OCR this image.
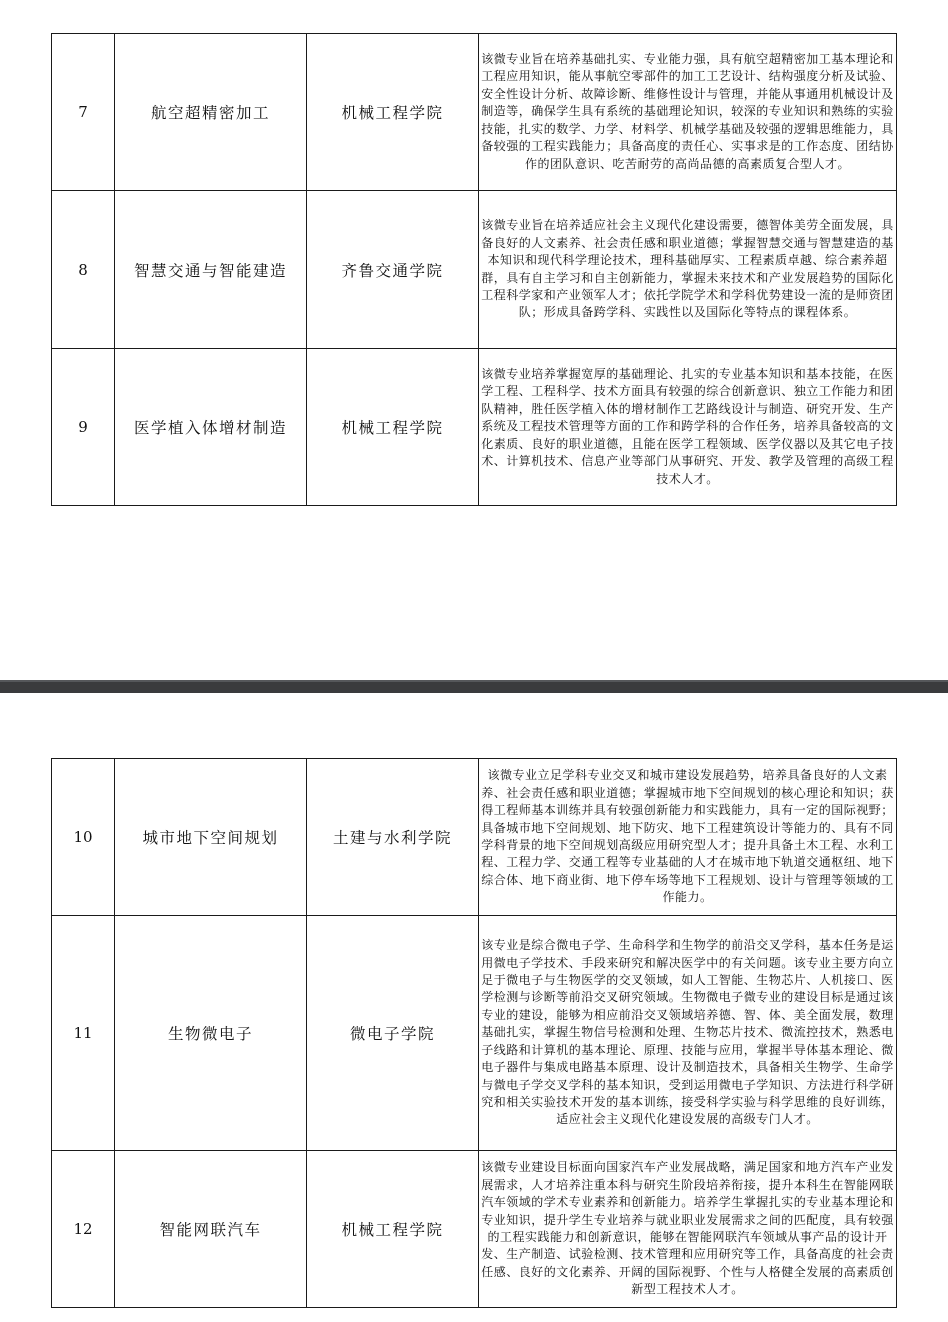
7	航空超精密加工	机械工程学院	该微专业旨在培养基础扎实、专业能力强，具有航空超精密加工基本理论和工程应用知识，能从事航空零部件的加工工艺设计、结构强度分析及试验、安全性设计分析、故障诊断、维修性设计与管理，并能从事通用机械设计及制造等，确保学生具有系统的基础理论知识，较深的专业知识和熟练的实验技能，扎实的数学、力学、材料学、机械学基础及较强的逻辑思维能力，具备较强的工程实践能力；具备高度的责任心、实事求是的工作态度、团结协作的团队意识、吃苦耐劳的高尚品德的高素质复合型人才。
8	智慧交通与智能建造	齐鲁交通学院	该微专业旨在培养适应社会主义现代化建设需要，德智体美劳全面发展，具备良好的人文素养、社会责任感和职业道德；掌握智慧交通与智慧建造的基本知识和现代科学理论技术，理科基础厚实、工程素质卓越、综合素养超群，具有自主学习和自主创新能力，掌握未来技术和产业发展趋势的国际化工程科学家和产业领军人才；依托学院学术和学科优势建设一流的是师资团队；形成具备跨学科、实践性以及国际化等特点的课程体系。
9	医学植入体增材制造	机械工程学院	该微专业培养掌握宽厚的基础理论、扎实的专业基本知识和基本技能，在医学工程、工程科学、技术方面具有较强的综合创新意识、独立工作能力和团队精神，胜任医学植入体的增材制作工艺路线设计与制造、研究开发、生产系统及工程技术管理等方面的工作和跨学科的合作任务，培养具备较高的文化素质、良好的职业道德，且能在医学工程领域、医学仪器以及其它电子技术、计算机技术、信息产业等部门从事研究、开发、教学及管理的高级工程技术人才。
10	城市地下空间规划	土建与水利学院	该微专业立足学科专业交叉和城市建设发展趋势，培养具备良好的人文素养、社会责任感和职业道德；掌握城市地下空间规划的核心理论和知识；获得工程师基本训练并具有较强创新能力和实践能力，具有一定的国际视野；具备城市地下空间规划、地下防灾、地下工程建筑设计等能力的、具有不同学科背景的地下空间规划高级应用研究型人才；提升具备土木工程、水利工程、工程力学、交通工程等专业基础的人才在城市地下轨道交通枢纽、地下综合体、地下商业街、地下停车场等地下工程规划、设计与管理等领域的工作能力。
11	生物微电子	微电子学院	该专业是综合微电子学、生命科学和生物学的前沿交叉学科，基本任务是运用微电子学技术、手段来研究和解决医学中的有关问题。该专业主要方向立足于微电子与生物医学的交叉领域，如人工智能、生物芯片、人机接口、医学检测与诊断等前沿交叉研究领域。生物微电子微专业的建设目标是通过该专业的建设，能够为相应前沿交叉领域培养德、智、体、美全面发展，数理基础扎实，掌握生物信号检测和处理、生物芯片技术、微流控技术，熟悉电子线路和计算机的基本理论、原理、技能与应用，掌握半导体基本理论、微电子器件与集成电路基本原理、设计及制造技术，具备相关生物学、生命学与微电子学交叉学科的基本知识，受到运用微电子学知识、方法进行科学研究和相关实验技术开发的基本训练，接受科学实验与科学思维的良好训练，适应社会主义现代化建设发展的高级专门人才。
12	智能网联汽车	机械工程学院	该微专业建设目标面向国家汽车产业发展战略，满足国家和地方汽车产业发展需求，人才培养注重本科与研究生阶段培养衔接，提升本科生在智能网联汽车领域的学术专业素养和创新能力。培养学生掌握扎实的专业基本理论和专业知识，提升学生专业培养与就业职业发展需求之间的匹配度，具有较强的工程实践能力和创新意识，能够在智能网联汽车领域从事产品的设计开发、生产制造、试验检测、技术管理和应用研究等工作，具备高度的社会责任感、良好的文化素养、开阔的国际视野、个性与人格健全发展的高素质创新型工程技术人才。
